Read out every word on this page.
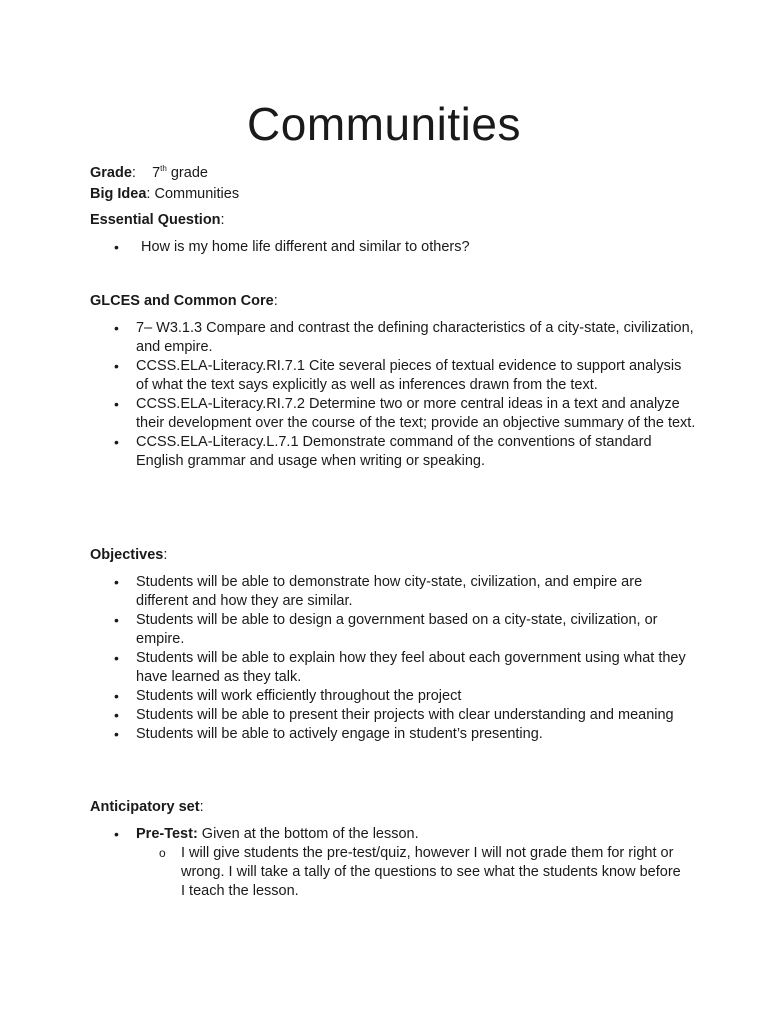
Communities
Grade: 7th grade
Big Idea: Communities
Essential Question:
• How is my home life different and similar to others?
GLCES and Common Core:
• 7– W3.1.3 Compare and contrast the defining characteristics of a city-state, civilization, and empire.
• CCSS.ELA-Literacy.RI.7.1 Cite several pieces of textual evidence to support analysis of what the text says explicitly as well as inferences drawn from the text.
• CCSS.ELA-Literacy.RI.7.2 Determine two or more central ideas in a text and analyze their development over the course of the text; provide an objective summary of the text.
• CCSS.ELA-Literacy.L.7.1 Demonstrate command of the conventions of standard English grammar and usage when writing or speaking.
Objectives:
• Students will be able to demonstrate how city-state, civilization, and empire are different and how they are similar.
• Students will be able to design a government based on a city-state, civilization, or empire.
• Students will be able to explain how they feel about each government using what they have learned as they talk.
• Students will work efficiently throughout the project
• Students will be able to present their projects with clear understanding and meaning
• Students will be able to actively engage in student’s presenting.
Anticipatory set:
• Pre-Test: Given at the bottom of the lesson.
o I will give students the pre-test/quiz, however I will not grade them for right or wrong. I will take a tally of the questions to see what the students know before I teach the lesson.
